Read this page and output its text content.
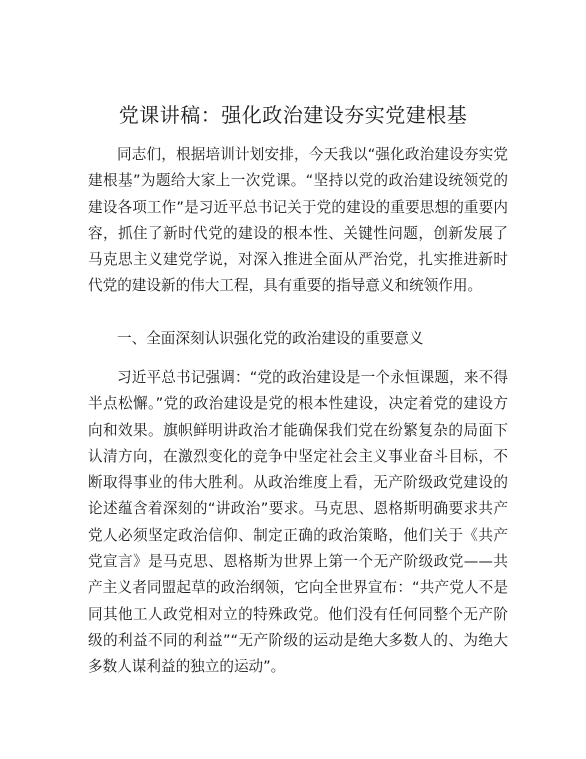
党课讲稿：强化政治建设夯实党建根基

同志们，根据培训计划安排，今天我以“强化政治建设夯实党建根基”为题给大家上一次党课。“坚持以党的政治建设统领党的建设各项工作”是习近平总书记关于党的建设的重要思想的重要内容，抓住了新时代党的建设的根本性、关键性问题，创新发展了马克思主义建党学说，对深入推进全面从严治党，扎实推进新时代党的建设新的伟大工程，具有重要的指导意义和统领作用。

一、全面深刻认识强化党的政治建设的重要意义

习近平总书记强调：“党的政治建设是一个永恒课题，来不得半点松懈。”党的政治建设是党的根本性建设，决定着党的建设方向和效果。旗帜鲜明讲政治才能确保我们党在纷繁复杂的局面下认清方向，在激烈变化的竞争中坚定社会主义事业奋斗目标，不断取得事业的伟大胜利。从政治维度上看，无产阶级政党建设的论述蕴含着深刻的“讲政治”要求。马克思、恩格斯明确要求共产党人必须坚定政治信仰、制定正确的政治策略，他们关于《共产党宣言》是马克思、恩格斯为世界上第一个无产阶级政党——共产主义者同盟起草的政治纲领，它向全世界宣布：“共产党人不是同其他工人政党相对立的特殊政党。他们没有任何同整个无产阶级的利益不同的利益”“无产阶级的运动是绝大多数人的、为绝大多数人谋利益的独立的运动”。
